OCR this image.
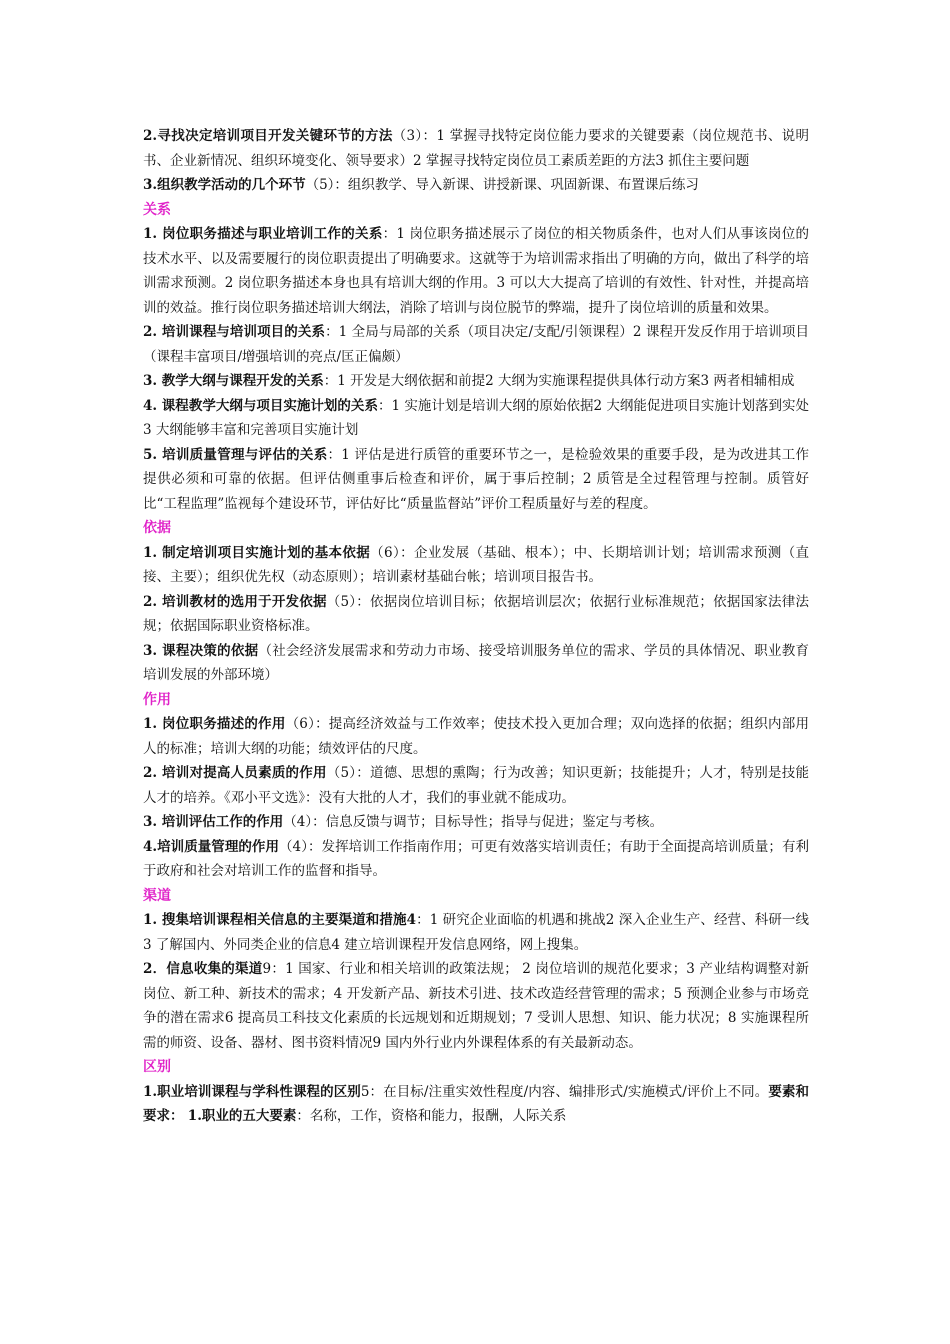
2.寻找决定培训项目开发关键环节的方法（3）：1 掌握寻找特定岗位能力要求的关键要素（岗位规范书、说明书、企业新情况、组织环境变化、领导要求）2 掌握寻找特定岗位员工素质差距的方法3 抓住主要问题

3.组织教学活动的几个环节（5）：组织教学、导入新课、讲授新课、巩固新课、布置课后练习

关系

1. 岗位职务描述与职业培训工作的关系：1 岗位职务描述展示了岗位的相关物质条件，也对人们从事该岗位的技术水平、以及需要履行的岗位职责提出了明确要求。这就等于为培训需求指出了明确的方向，做出了科学的培训需求预测。2 岗位职务描述本身也具有培训大纲的作用。3 可以大大提高了培训的有效性、针对性，并提高培训的效益。推行岗位职务描述培训大纲法，消除了培训与岗位脱节的弊端，提升了岗位培训的质量和效果。

2. 培训课程与培训项目的关系：1 全局与局部的关系（项目决定/支配/引领课程）2 课程开发反作用于培训项目（课程丰富项目/增强培训的亮点/匡正偏颇）

3. 教学大纲与课程开发的关系：1 开发是大纲依据和前提2 大纲为实施课程提供具体行动方案3 两者相辅相成

4. 课程教学大纲与项目实施计划的关系：1 实施计划是培训大纲的原始依据2 大纲能促进项目实施计划落到实处3 大纲能够丰富和完善项目实施计划

5. 培训质量管理与评估的关系：1 评估是进行质管的重要环节之一，是检验效果的重要手段，是为改进其工作提供必须和可靠的依据。但评估侧重事后检查和评价，属于事后控制；2 质管是全过程管理与控制。质管好比“工程监理”监视每个建设环节，评估好比“质量监督站”评价工程质量好与差的程度。

依据

1. 制定培训项目实施计划的基本依据（6）：企业发展（基础、根本）；中、长期培训计划；培训需求预测（直接、主要）；组织优先权（动态原则）；培训素材基础台帐；培训项目报告书。

2. 培训教材的选用于开发依据（5）：依据岗位培训目标；依据培训层次；依据行业标准规范；依据国家法律法规；依据国际职业资格标准。

3. 课程决策的依据（社会经济发展需求和劳动力市场、接受培训服务单位的需求、学员的具体情况、职业教育培训发展的外部环境）

作用

1. 岗位职务描述的作用（6）：提高经济效益与工作效率；使技术投入更加合理；双向选择的依据；组织内部用人的标准；培训大纲的功能；绩效评估的尺度。

2. 培训对提高人员素质的作用（5）：道德、思想的熏陶；行为改善；知识更新；技能提升；人才，特别是技能人才的培养。《邓小平文选》：没有大批的人才，我们的事业就不能成功。

3. 培训评估工作的作用（4）：信息反馈与调节；目标导性；指导与促进；鉴定与考核。

4.培训质量管理的作用（4）：发挥培训工作指南作用；可更有效落实培训责任；有助于全面提高培训质量；有利于政府和社会对培训工作的监督和指导。

渠道

1. 搜集培训课程相关信息的主要渠道和措施4：1 研究企业面临的机遇和挑战2 深入企业生产、经营、科研一线3 了解国内、外同类企业的信息4 建立培训课程开发信息网络，网上搜集。

2．信息收集的渠道9：1 国家、行业和相关培训的政策法规； 2 岗位培训的规范化要求；3 产业结构调整对新岗位、新工种、新技术的需求；4 开发新产品、新技术引进、技术改造经营管理的需求；5 预测企业参与市场竞争的潜在需求6 提高员工科技文化素质的长远规划和近期规划；7 受训人思想、知识、能力状况；8 实施课程所需的师资、设备、器材、图书资料情况9 国内外行业内外课程体系的有关最新动态。

区别

1.职业培训课程与学科性课程的区别5：在目标/注重实效性程度/内容、编排形式/实施模式/评价上不同。要素和要求： 1.职业的五大要素：名称，工作，资格和能力，报酬，人际关系
